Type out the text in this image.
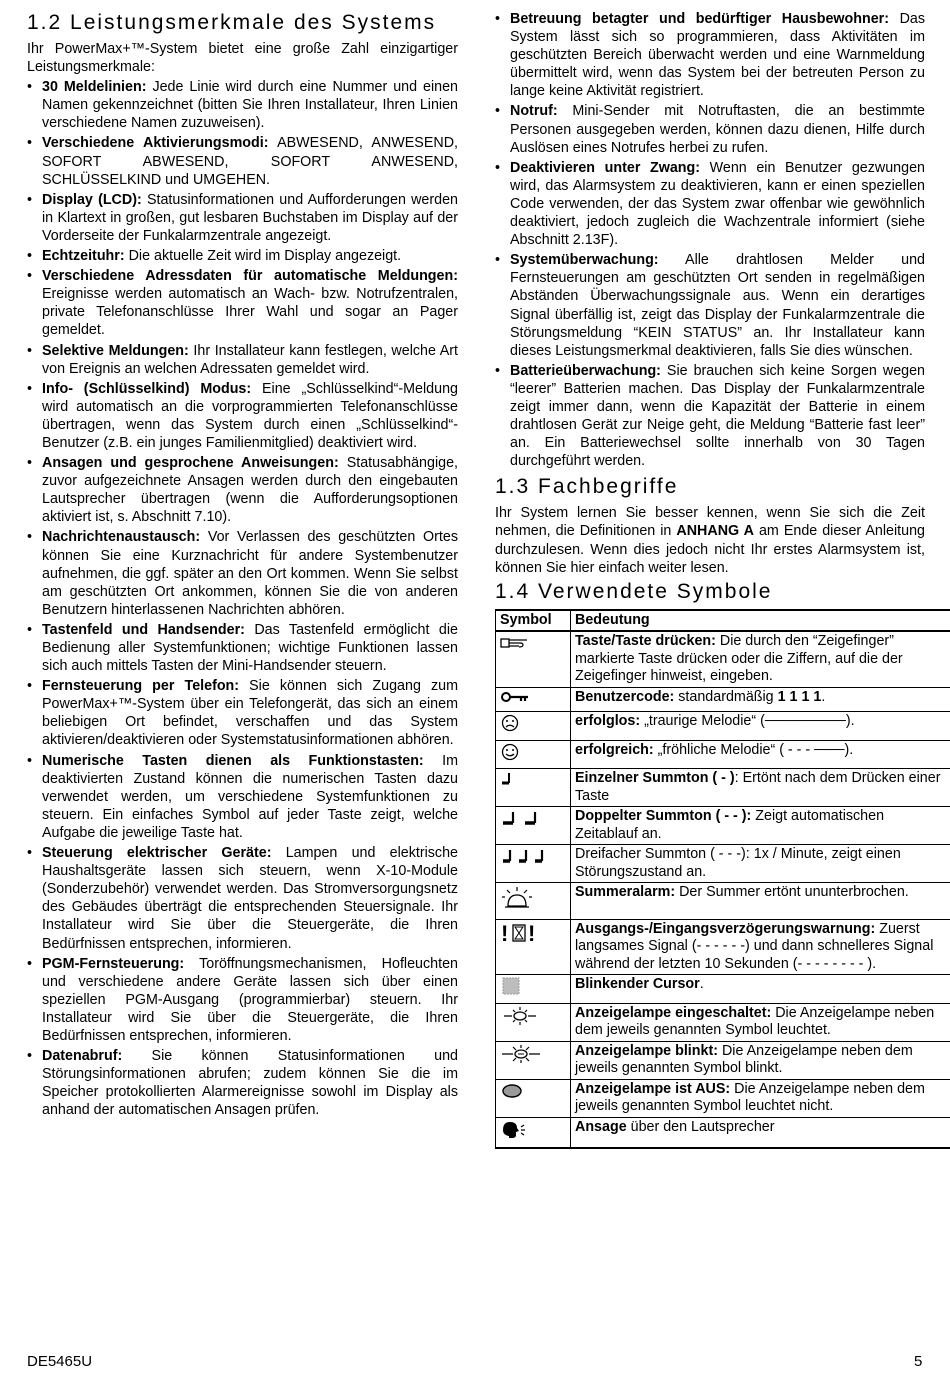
1.2 Leistungsmerkmale des Systems

Ihr PowerMax+™-System bietet eine große Zahl einzigartiger Leistungsmerkmale:

• 30 Meldelinien: Jede Linie wird durch eine Nummer und einen Namen gekennzeichnet (bitten Sie Ihren Installateur, Ihren Linien verschiedene Namen zuzuweisen).
• Verschiedene Aktivierungsmodi: ABWESEND, ANWESEND, SOFORT ABWESEND, SOFORT ANWESEND, SCHLÜSSELKIND und UMGEHEN.
• Display (LCD): Statusinformationen und Aufforderungen werden in Klartext in großen, gut lesbaren Buchstaben im Display auf der Vorderseite der Funkalarmzentrale angezeigt.
• Echtzeituhr: Die aktuelle Zeit wird im Display angezeigt.
• Verschiedene Adressdaten für automatische Meldungen: Ereignisse werden automatisch an Wach- bzw. Notrufzentralen, private Telefonanschlüsse Ihrer Wahl und sogar an Pager gemeldet.
• Selektive Meldungen: Ihr Installateur kann festlegen, welche Art von Ereignis an welchen Adressaten gemeldet wird.
• Info- (Schlüsselkind) Modus: Eine „Schlüsselkind“-Meldung wird automatisch an die vorprogrammierten Telefonanschlüsse übertragen, wenn das System durch einen „Schlüsselkind“-Benutzer (z.B. ein junges Familienmitglied) deaktiviert wird.
• Ansagen und gesprochene Anweisungen: Statusabhängige, zuvor aufgezeichnete Ansagen werden durch den eingebauten Lautsprecher übertragen (wenn die Aufforderungsoptionen aktiviert ist, s. Abschnitt 7.10).
• Nachrichtenaustausch: Vor Verlassen des geschützten Ortes können Sie eine Kurznachricht für andere Systembenutzer aufnehmen, die ggf. später an den Ort kommen. Wenn Sie selbst am geschützten Ort ankommen, können Sie die von anderen Benutzern hinterlassenen Nachrichten abhören.
• Tastenfeld und Handsender: Das Tastenfeld ermöglicht die Bedienung aller Systemfunktionen; wichtige Funktionen lassen sich auch mittels Tasten der Mini-Handsender steuern.
• Fernsteuerung per Telefon: Sie können sich Zugang zum PowerMax+™-System über ein Telefongerät, das sich an einem beliebigen Ort befindet, verschaffen und das System aktivieren/deaktivieren oder Systemstatusinformationen abhören.
• Numerische Tasten dienen als Funktionstasten: Im deaktivierten Zustand können die numerischen Tasten dazu verwendet werden, um verschiedene Systemfunktionen zu steuern. Ein einfaches Symbol auf jeder Taste zeigt, welche Aufgabe die jeweilige Taste hat.
• Steuerung elektrischer Geräte: Lampen und elektrische Haushaltsgeräte lassen sich steuern, wenn X-10-Module (Sonderzubehör) verwendet werden. Das Stromversorgungsnetz des Gebäudes überträgt die entsprechenden Steuersignale. Ihr Installateur wird Sie über die Steuergeräte, die Ihren Bedürfnissen entsprechen, informieren.
• PGM-Fernsteuerung: Toröffnungsmechanismen, Hofleuchten und verschiedene andere Geräte lassen sich über einen speziellen PGM-Ausgang (programmierbar) steuern. Ihr Installateur wird Sie über die Steuergeräte, die Ihren Bedürfnissen entsprechen, informieren.
• Datenabruf: Sie können Statusinformationen und Störungsinformationen abrufen; zudem können Sie die im Speicher protokollierten Alarmereignisse sowohl im Display als anhand der automatischen Ansagen prüfen.
• Betreuung betagter und bedürftiger Hausbewohner: Das System lässt sich so programmieren, dass Aktivitäten im geschützten Bereich überwacht werden und eine Warnmeldung übermittelt wird, wenn das System bei der betreuten Person zu lange keine Aktivität registriert.
• Notruf: Mini-Sender mit Notruftasten, die an bestimmte Personen ausgegeben werden, können dazu dienen, Hilfe durch Auslösen eines Notrufes herbei zu rufen.
• Deaktivieren unter Zwang: Wenn ein Benutzer gezwungen wird, das Alarmsystem zu deaktivieren, kann er einen speziellen Code verwenden, der das System zwar offenbar wie gewöhnlich deaktiviert, jedoch zugleich die Wachzentrale informiert (siehe Abschnitt 2.13F).
• Systemüberwachung: Alle drahtlosen Melder und Fernsteuerungen am geschützten Ort senden in regelmäßigen Abständen Überwachungssignale aus. Wenn ein derartiges Signal überfällig ist, zeigt das Display der Funkalarmzentrale die Störungsmeldung “KEIN STATUS” an. Ihr Installateur kann dieses Leistungsmerkmal deaktivieren, falls Sie dies wünschen.
• Batterieüberwachung: Sie brauchen sich keine Sorgen wegen “leerer” Batterien machen. Das Display der Funkalarmzentrale zeigt immer dann, wenn die Kapazität der Batterie in einem drahtlosen Gerät zur Neige geht, die Meldung “Batterie fast leer” an. Ein Batteriewechsel sollte innerhalb von 30 Tagen durchgeführt werden.
1.3 Fachbegriffe

Ihr System lernen Sie besser kennen, wenn Sie sich die Zeit nehmen, die Definitionen in ANHANG A am Ende dieser Anleitung durchzulesen. Wenn dies jedoch nicht Ihr erstes Alarmsystem ist, können Sie hier einfach weiter lesen.

1.4 Verwendete Symbole
Symbol	Bedeutung
	Taste/Taste drücken: Die durch den “Zeigefinger” markierte Taste drücken oder die Ziffern, auf die der Zeigefinger hinweist, eingeben.
	Benutzercode: standardmäßig 1 1 1 1.
	erfolglos: „traurige Melodie“ (────────).
	erfolgreich: „fröhliche Melodie“ ( - - - ───).
	Einzelner Summton ( - ): Ertönt nach dem Drücken einer Taste
	Doppelter Summton ( - - ): Zeigt automatischen Zeitablauf an.
	Dreifacher Summton ( - - -): 1x / Minute, zeigt einen Störungszustand an.
	Summeralarm: Der Summer ertönt ununterbrochen.

! !	Ausgangs-/Eingangsverzögerungswarnung: Zuerst langsames Signal (- - - - - -) und dann schnelleres Signal während der letzten 10 Sekunden (- - - - - - - - ).
	Blinkender Cursor.
	Anzeigelampe eingeschaltet: Die Anzeigelampe neben dem jeweils genannten Symbol leuchtet.
	Anzeigelampe blinkt: Die Anzeigelampe neben dem jeweils genannten Symbol blinkt.
	Anzeigelampe ist AUS: Die Anzeigelampe neben dem jeweils genannten Symbol leuchtet nicht.
	Ansage über den Lautsprecher
DE5465U	5
